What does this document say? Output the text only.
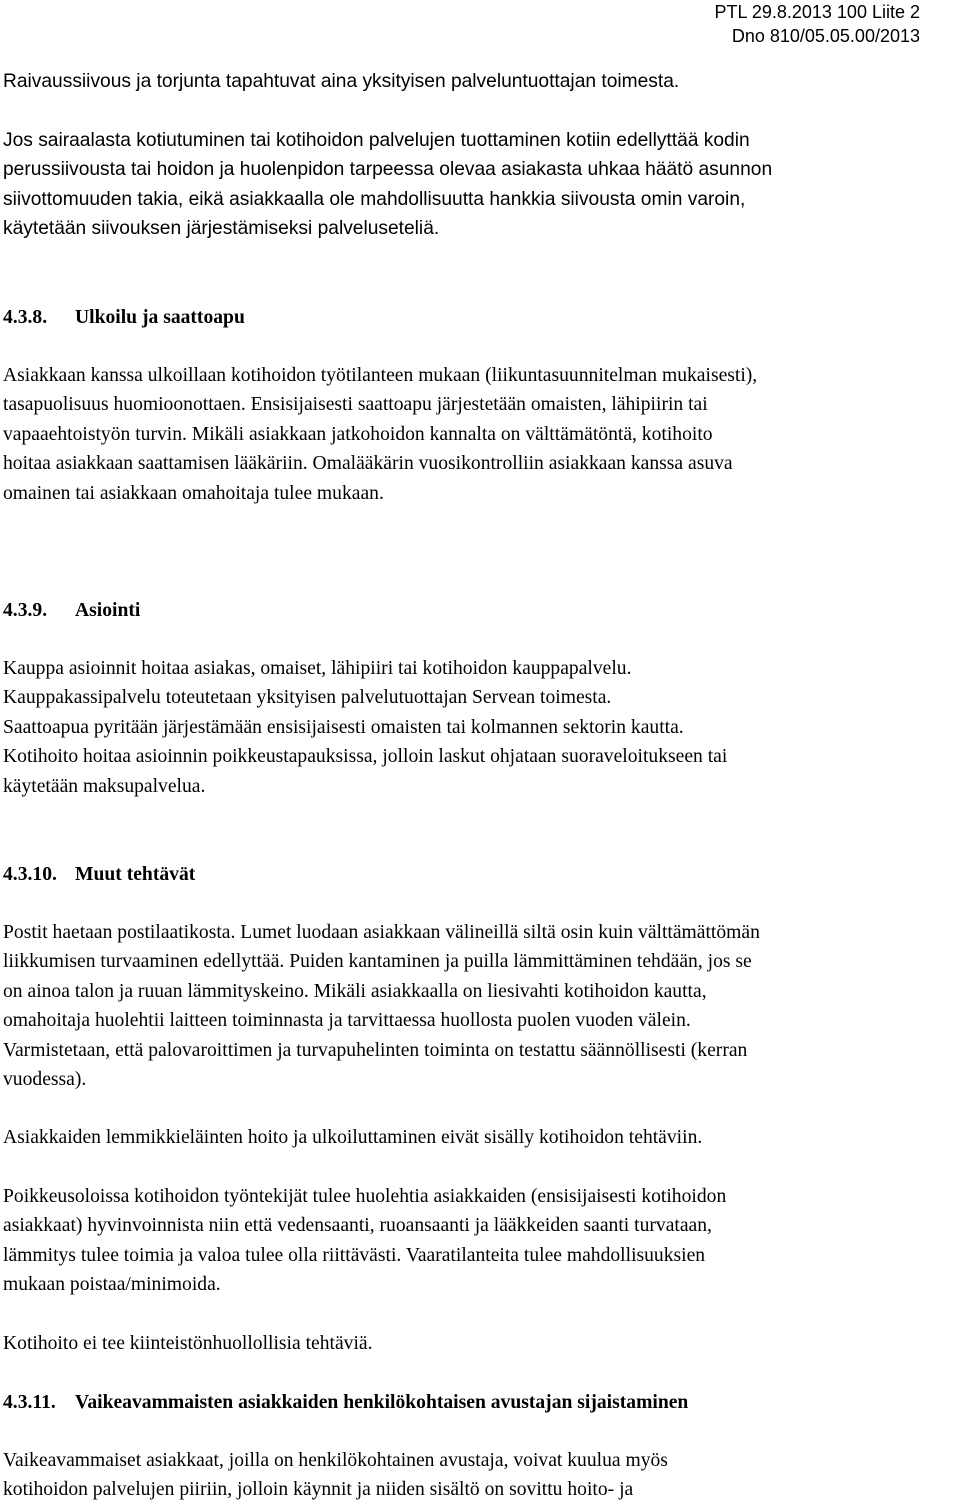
PTL 29.8.2013 100 Liite 2
Dno 810/05.05.00/2013

Raivaussiivous ja torjunta tapahtuvat aina yksityisen palveluntuottajan toimesta.

Jos sairaalasta kotiutuminen tai kotihoidon palvelujen tuottaminen kotiin edellyttää kodin
perussiivousta tai hoidon ja huolenpidon tarpeessa olevaa asiakasta uhkaa häätö asunnon
siivottomuuden takia, eikä asiakkaalla ole mahdollisuutta hankkia siivousta omin varoin,
käytetään siivouksen järjestämiseksi palveluseteliä.

4.3.8. Ulkoilu ja saattoapu

Asiakkaan kanssa ulkoillaan kotihoidon työtilanteen mukaan (liikuntasuunnitelman mukaisesti),
tasapuolisuus huomioonottaen. Ensisijaisesti saattoapu järjestetään omaisten, lähipiirin tai
vapaaehtoistyön turvin. Mikäli asiakkaan jatkohoidon kannalta on välttämätöntä, kotihoito
hoitaa asiakkaan saattamisen lääkäriin. Omalääkärin vuosikontrolliin asiakkaan kanssa asuva
omainen tai asiakkaan omahoitaja tulee mukaan.

4.3.9. Asiointi

Kauppa asioinnit hoitaa asiakas, omaiset, lähipiiri tai kotihoidon kauppapalvelu.
Kauppakassipalvelu toteutetaan yksityisen palvelutuottajan Servean toimesta.
Saattoapua pyritään järjestämään ensisijaisesti omaisten tai kolmannen sektorin kautta.
Kotihoito hoitaa asioinnin poikkeustapauksissa, jolloin laskut ohjataan suoraveloitukseen tai
käytetään maksupalvelua.

4.3.10. Muut tehtävät

Postit haetaan postilaatikosta. Lumet luodaan asiakkaan välineillä siltä osin kuin välttämättömän
liikkumisen turvaaminen edellyttää. Puiden kantaminen ja puilla lämmittäminen tehdään, jos se
on ainoa talon ja ruuan lämmityskeino. Mikäli asiakkaalla on liesivahti kotihoidon kautta,
omahoitaja huolehtii laitteen toiminnasta ja tarvittaessa huollosta puolen vuoden välein.
Varmistetaan, että palovaroittimen ja turvapuhelinten toiminta on testattu säännöllisesti (kerran
vuodessa).

Asiakkaiden lemmikkieläinten hoito ja ulkoiluttaminen eivät sisälly kotihoidon tehtäviin.

Poikkeusoloissa kotihoidon työntekijät tulee huolehtia asiakkaiden (ensisijaisesti kotihoidon
asiakkaat) hyvinvoinnista niin että vedensaanti, ruoansaanti ja lääkkeiden saanti turvataan,
lämmitys tulee toimia ja valoa tulee olla riittävästi. Vaaratilanteita tulee mahdollisuuksien
mukaan poistaa/minimoida.

Kotihoito ei tee kiinteistönhuollollisia tehtäviä.

4.3.11. Vaikeavammaisten asiakkaiden henkilökohtaisen avustajan sijaistaminen

Vaikeavammaiset asiakkaat, joilla on henkilökohtainen avustaja, voivat kuulua myös
kotihoidon palvelujen piiriin, jolloin käynnit ja niiden sisältö on sovittu hoito- ja
